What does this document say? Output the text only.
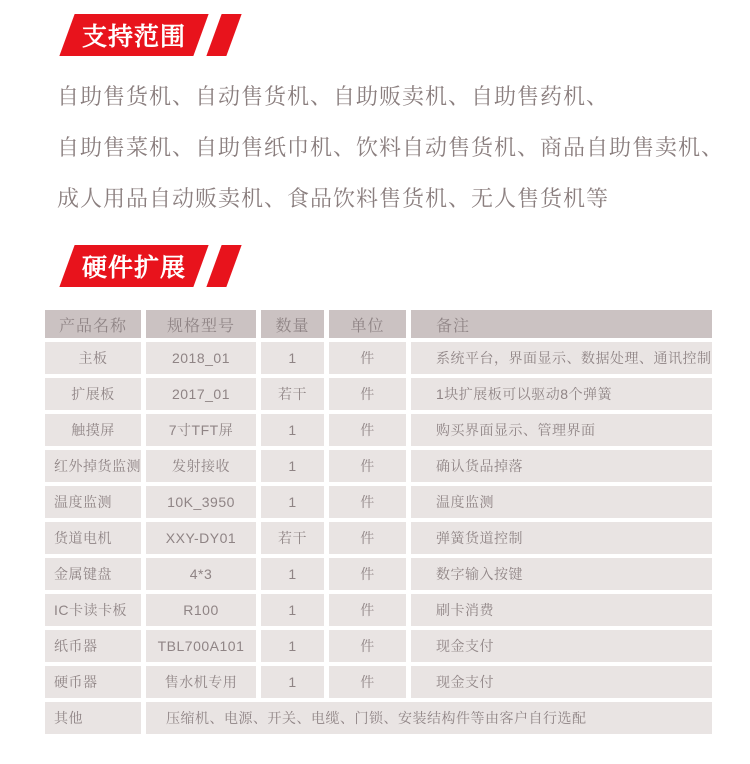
支持范围
自助售货机、自动售货机、自助贩卖机、自助售药机、
自助售菜机、自助售纸巾机、饮料自动售货机、商品自助售卖机、
成人用品自动贩卖机、食品饮料售货机、无人售货机等
硬件扩展
产品名称	规格型号	数量	单位	备注
主板	2018_01	1	件	系统平台，界面显示、数据处理、通讯控制
扩展板	2017_01	若干	件	1块扩展板可以驱动8个弹簧
触摸屏	7寸TFT屏	1	件	购买界面显示、管理界面
红外掉货监测	发射接收	1	件	确认货品掉落
温度监测	10K_3950	1	件	温度监测
货道电机	XXY-DY01	若干	件	弹簧货道控制
金属键盘	4*3	1	件	数字输入按键
IC卡读卡板	R100	1	件	刷卡消费
纸币器	TBL700A101	1	件	现金支付
硬币器	售水机专用	1	件	现金支付
其他	压缩机、电源、开关、电缆、门锁、安装结构件等由客户自行选配			
